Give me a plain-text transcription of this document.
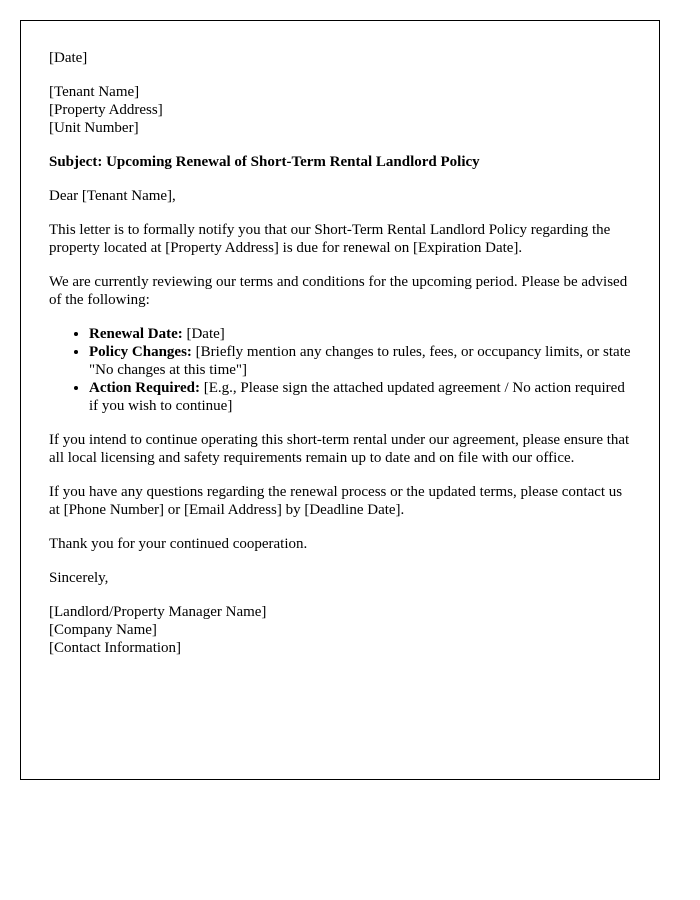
[Date]

[Tenant Name]
[Property Address]
[Unit Number]

Subject: Upcoming Renewal of Short-Term Rental Landlord Policy

Dear [Tenant Name],

This letter is to formally notify you that our Short-Term Rental Landlord Policy regarding the property located at [Property Address] is due for renewal on [Expiration Date].

We are currently reviewing our terms and conditions for the upcoming period. Please be advised of the following:

• Renewal Date: [Date]
• Policy Changes: [Briefly mention any changes to rules, fees, or occupancy limits, or state "No changes at this time"]
• Action Required: [E.g., Please sign the attached updated agreement / No action required if you wish to continue]

If you intend to continue operating this short-term rental under our agreement, please ensure that all local licensing and safety requirements remain up to date and on file with our office.

If you have any questions regarding the renewal process or the updated terms, please contact us at [Phone Number] or [Email Address] by [Deadline Date].

Thank you for your continued cooperation.

Sincerely,

[Landlord/Property Manager Name]
[Company Name]
[Contact Information]
